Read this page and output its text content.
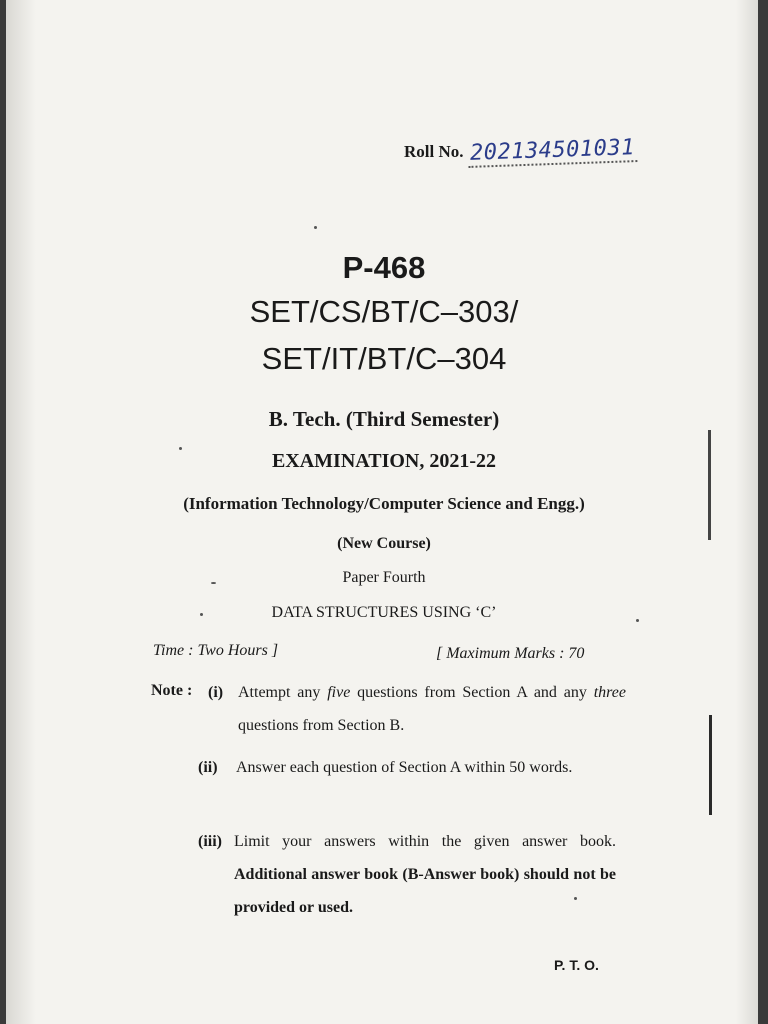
Roll No. 202134501031
P-468
SET/CS/BT/C–303/
SET/IT/BT/C–304
B. Tech. (Third Semester)
EXAMINATION, 2021-22
(Information Technology/Computer Science and Engg.)
(New Course)
Paper Fourth
DATA STRUCTURES USING ‘C’
Time : Two Hours ]	[ Maximum Marks : 70
Note : (i) Attempt any five questions from Section A and any three questions from Section B.
(ii) Answer each question of Section A within 50 words.
(iii) Limit your answers within the given answer book. Additional answer book (B-Answer book) should not be provided or used.
P. T. O.
